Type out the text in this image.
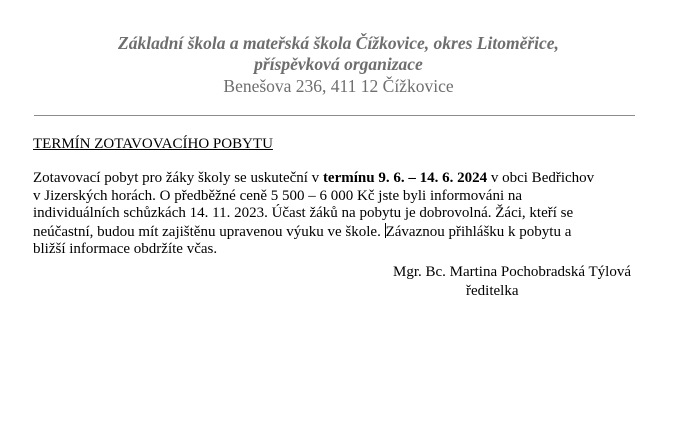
Základní škola a mateřská škola Čížkovice, okres Litoměřice,
příspěvková organizace
Benešova 236, 411 12 Čížkovice
TERMÍN ZOTAVOVACÍHO POBYTU
Zotavovací pobyt pro žáky školy se uskuteční v termínu 9. 6. – 14. 6. 2024 v obci Bedřichov
v Jizerských horách. O předběžné ceně 5 500 – 6 000 Kč jste byli informováni na
individuálních schůzkách 14. 11. 2023. Účast žáků na pobytu je dobrovolná. Žáci, kteří se
neúčastní, budou mít zajištěnu upravenou výuku ve škole. Závaznou přihlášku k pobytu a
bližší informace obdržíte včas.
Mgr. Bc. Martina Pochobradská Týlová
ředitelka
